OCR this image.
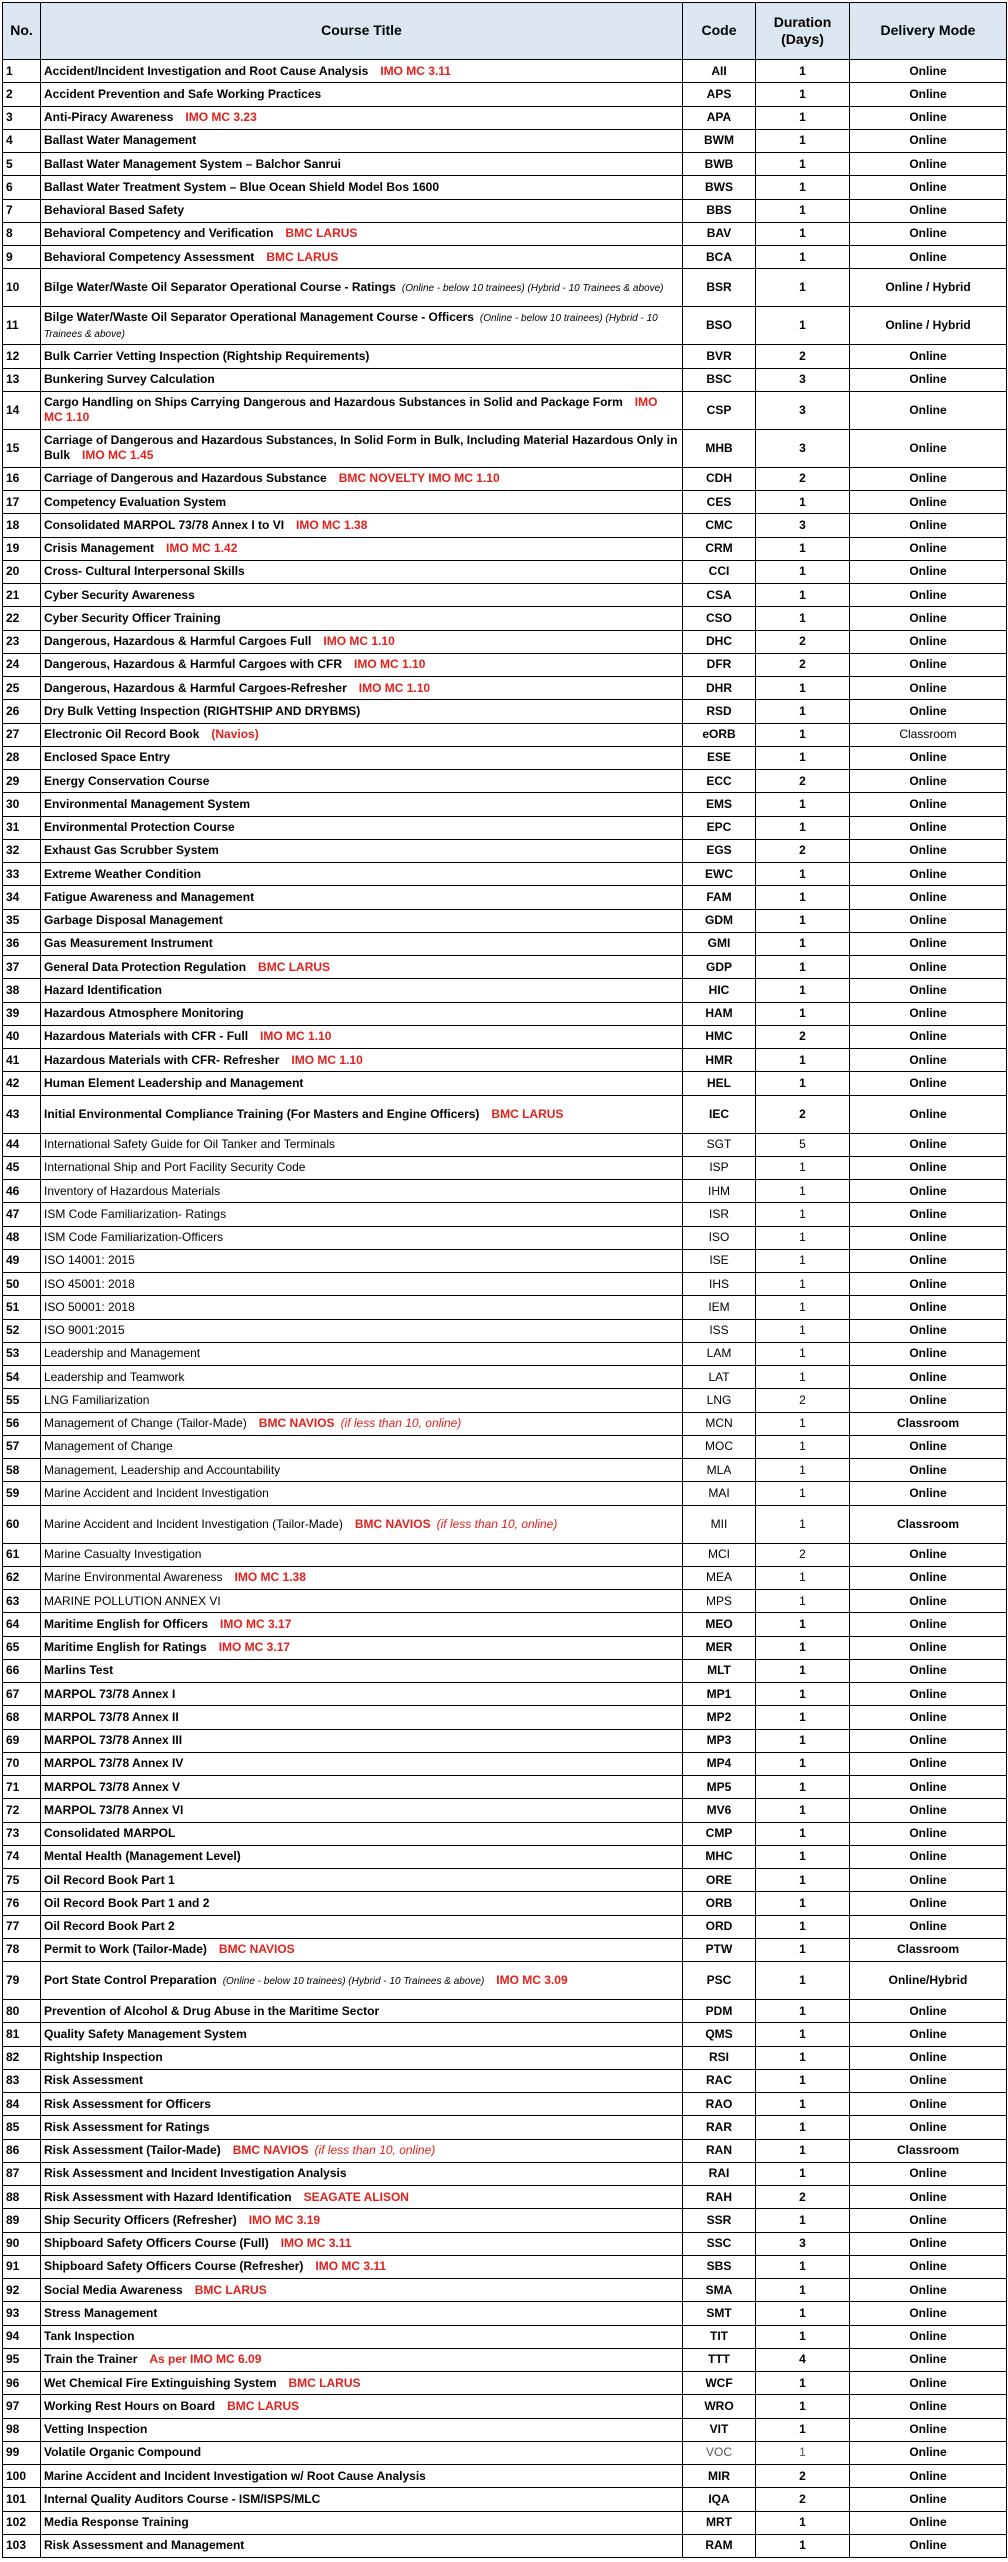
No.	Course Title	Code	Duration (Days)	Delivery Mode
1	Accident/Incident Investigation and Root Cause Analysis IMO MC 3.11	AII	1	Online
2	Accident Prevention and Safe Working Practices	APS	1	Online
3	Anti-Piracy Awareness IMO MC 3.23	APA	1	Online
4	Ballast Water Management	BWM	1	Online
5	Ballast Water Management System – Balchor Sanrui	BWB	1	Online
6	Ballast Water Treatment System – Blue Ocean Shield Model Bos 1600	BWS	1	Online
7	Behavioral Based Safety	BBS	1	Online
8	Behavioral Competency and Verification BMC LARUS	BAV	1	Online
9	Behavioral Competency Assessment BMC LARUS	BCA	1	Online
10	Bilge Water/Waste Oil Separator Operational Course - Ratings (Online - below 10 trainees) (Hybrid - 10 Trainees & above)	BSR	1	Online / Hybrid
11	Bilge Water/Waste Oil Separator Operational Management Course - Officers (Online - below 10 trainees) (Hybrid - 10 Trainees & above)	BSO	1	Online / Hybrid
12	Bulk Carrier Vetting Inspection (Rightship Requirements)	BVR	2	Online
13	Bunkering Survey Calculation	BSC	3	Online
14	Cargo Handling on Ships Carrying Dangerous and Hazardous Substances in Solid and Package Form IMO MC 1.10	CSP	3	Online
15	Carriage of Dangerous and Hazardous Substances, In Solid Form in Bulk, Including Material Hazardous Only in Bulk IMO MC 1.45	MHB	3	Online
16	Carriage of Dangerous and Hazardous Substance BMC NOVELTY IMO MC 1.10	CDH	2	Online
17	Competency Evaluation System	CES	1	Online
18	Consolidated MARPOL 73/78 Annex I to VI IMO MC 1.38	CMC	3	Online
19	Crisis Management IMO MC 1.42	CRM	1	Online
20	Cross- Cultural Interpersonal Skills	CCI	1	Online
21	Cyber Security Awareness	CSA	1	Online
22	Cyber Security Officer Training	CSO	1	Online
23	Dangerous, Hazardous & Harmful Cargoes Full IMO MC 1.10	DHC	2	Online
24	Dangerous, Hazardous & Harmful Cargoes with CFR IMO MC 1.10	DFR	2	Online
25	Dangerous, Hazardous & Harmful Cargoes-Refresher IMO MC 1.10	DHR	1	Online
26	Dry Bulk Vetting Inspection (RIGHTSHIP AND DRYBMS)	RSD	1	Online
27	Electronic Oil Record Book (Navios)	eORB	1	Classroom
28	Enclosed Space Entry	ESE	1	Online
29	Energy Conservation Course	ECC	2	Online
30	Environmental Management System	EMS	1	Online
31	Environmental Protection Course	EPC	1	Online
32	Exhaust Gas Scrubber System	EGS	2	Online
33	Extreme Weather Condition	EWC	1	Online
34	Fatigue Awareness and Management	FAM	1	Online
35	Garbage Disposal Management	GDM	1	Online
36	Gas Measurement Instrument	GMI	1	Online
37	General Data Protection Regulation BMC LARUS	GDP	1	Online
38	Hazard Identification	HIC	1	Online
39	Hazardous Atmosphere Monitoring	HAM	1	Online
40	Hazardous Materials with CFR - Full IMO MC 1.10	HMC	2	Online
41	Hazardous Materials with CFR- Refresher IMO MC 1.10	HMR	1	Online
42	Human Element Leadership and Management	HEL	1	Online
43	Initial Environmental Compliance Training (For Masters and Engine Officers) BMC LARUS	IEC	2	Online
44	International Safety Guide for Oil Tanker and Terminals	SGT	5	Online
45	International Ship and Port Facility Security Code	ISP	1	Online
46	Inventory of Hazardous Materials	IHM	1	Online
47	ISM Code Familiarization- Ratings	ISR	1	Online
48	ISM Code Familiarization-Officers	ISO	1	Online
49	ISO 14001: 2015	ISE	1	Online
50	ISO 45001: 2018	IHS	1	Online
51	ISO 50001: 2018	IEM	1	Online
52	ISO 9001:2015	ISS	1	Online
53	Leadership and Management	LAM	1	Online
54	Leadership and Teamwork	LAT	1	Online
55	LNG Familiarization	LNG	2	Online
56	Management of Change (Tailor-Made) BMC NAVIOS (if less than 10, online)	MCN	1	Classroom
57	Management of Change	MOC	1	Online
58	Management, Leadership and Accountability	MLA	1	Online
59	Marine Accident and Incident Investigation	MAI	1	Online
60	Marine Accident and Incident Investigation (Tailor-Made) BMC NAVIOS (if less than 10, online)	MII	1	Classroom
61	Marine Casualty Investigation	MCI	2	Online
62	Marine Environmental Awareness IMO MC 1.38	MEA	1	Online
63	MARINE POLLUTION ANNEX VI	MPS	1	Online
64	Maritime English for Officers IMO MC 3.17	MEO	1	Online
65	Maritime English for Ratings IMO MC 3.17	MER	1	Online
66	Marlins Test	MLT	1	Online
67	MARPOL 73/78 Annex I	MP1	1	Online
68	MARPOL 73/78 Annex II	MP2	1	Online
69	MARPOL 73/78 Annex III	MP3	1	Online
70	MARPOL 73/78 Annex IV	MP4	1	Online
71	MARPOL 73/78 Annex V	MP5	1	Online
72	MARPOL 73/78 Annex VI	MV6	1	Online
73	Consolidated MARPOL	CMP	1	Online
74	Mental Health (Management Level)	MHC	1	Online
75	Oil Record Book Part 1	ORE	1	Online
76	Oil Record Book Part 1 and 2	ORB	1	Online
77	Oil Record Book Part 2	ORD	1	Online
78	Permit to Work (Tailor-Made) BMC NAVIOS	PTW	1	Classroom
79	Port State Control Preparation (Online - below 10 trainees) (Hybrid - 10 Trainees & above) IMO MC 3.09	PSC	1	Online/Hybrid
80	Prevention of Alcohol & Drug Abuse in the Maritime Sector	PDM	1	Online
81	Quality Safety Management System	QMS	1	Online
82	Rightship Inspection	RSI	1	Online
83	Risk Assessment	RAC	1	Online
84	Risk Assessment for Officers	RAO	1	Online
85	Risk Assessment for Ratings	RAR	1	Online
86	Risk Assessment (Tailor-Made) BMC NAVIOS (if less than 10, online)	RAN	1	Classroom
87	Risk Assessment and Incident Investigation Analysis	RAI	1	Online
88	Risk Assessment with Hazard Identification SEAGATE ALISON	RAH	2	Online
89	Ship Security Officers (Refresher) IMO MC 3.19	SSR	1	Online
90	Shipboard Safety Officers Course (Full) IMO MC 3.11	SSC	3	Online
91	Shipboard Safety Officers Course (Refresher) IMO MC 3.11	SBS	1	Online
92	Social Media Awareness BMC LARUS	SMA	1	Online
93	Stress Management	SMT	1	Online
94	Tank Inspection	TIT	1	Online
95	Train the Trainer As per IMO MC 6.09	TTT	4	Online
96	Wet Chemical Fire Extinguishing System BMC LARUS	WCF	1	Online
97	Working Rest Hours on Board BMC LARUS	WRO	1	Online
98	Vetting Inspection	VIT	1	Online
99	Volatile Organic Compound	VOC	1	Online
100	Marine Accident and Incident Investigation w/ Root Cause Analysis	MIR	2	Online
101	Internal Quality Auditors Course - ISM/ISPS/MLC	IQA	2	Online
102	Media Response Training	MRT	1	Online
103	Risk Assessment and Management	RAM	1	Online
